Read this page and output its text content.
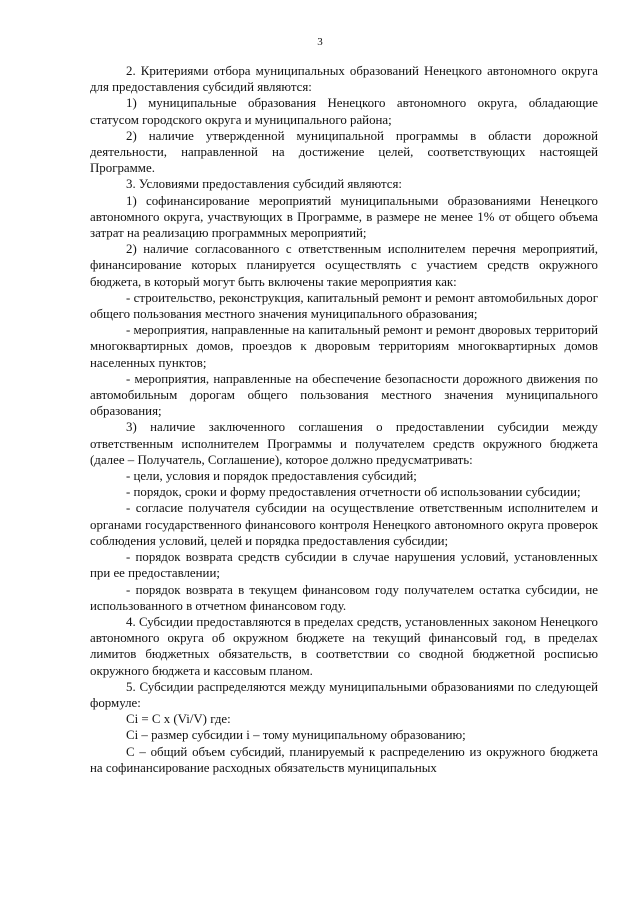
3

2. Критериями отбора муниципальных образований Ненецкого автономного округа для предоставления субсидий являются:

1) муниципальные образования Ненецкого автономного округа, обладающие статусом городского округа и муниципального района;

2) наличие утвержденной муниципальной программы в области дорожной деятельности, направленной на достижение целей, соответствующих настоящей Программе.

3. Условиями предоставления субсидий являются:

1) софинансирование мероприятий муниципальными образованиями Ненецкого автономного округа, участвующих в Программе, в размере не менее 1% от общего объема затрат на реализацию программных мероприятий;

2) наличие согласованного с ответственным исполнителем перечня мероприятий, финансирование которых планируется осуществлять с участием средств окружного бюджета, в который могут быть включены такие мероприятия как:

- строительство, реконструкция, капитальный ремонт и ремонт автомобильных дорог общего пользования местного значения муниципального образования;

- мероприятия, направленные на капитальный ремонт и ремонт дворовых территорий многоквартирных домов, проездов к дворовым территориям многоквартирных домов населенных пунктов;

- мероприятия, направленные на обеспечение безопасности дорожного движения по автомобильным дорогам общего пользования местного значения муниципального образования;

3) наличие заключенного соглашения о предоставлении субсидии между ответственным исполнителем Программы и получателем средств окружного бюджета (далее – Получатель, Соглашение), которое должно предусматривать:

- цели, условия и порядок предоставления субсидий;

- порядок, сроки и форму предоставления отчетности об использовании субсидии;

- согласие получателя субсидии на осуществление ответственным исполнителем и органами государственного финансового контроля Ненецкого автономного округа проверок соблюдения условий, целей и порядка предоставления субсидии;

- порядок возврата средств субсидии в случае нарушения условий, установленных при ее предоставлении;

- порядок возврата в текущем финансовом году получателем остатка субсидии, не использованного в отчетном финансовом году.

4. Субсидии предоставляются в пределах средств, установленных законом Ненецкого автономного округа об окружном бюджете на текущий финансовый год, в пределах лимитов бюджетных обязательств, в соответствии со сводной бюджетной росписью окружного бюджета и кассовым планом.

5. Субсидии распределяются между муниципальными образованиями по следующей формуле:

Ci = C x (Vi/V) где:

Ci – размер субсидии i – тому муниципальному образованию;

C – общий объем субсидий, планируемый к распределению из окружного бюджета на софинансирование расходных обязательств муниципальных
